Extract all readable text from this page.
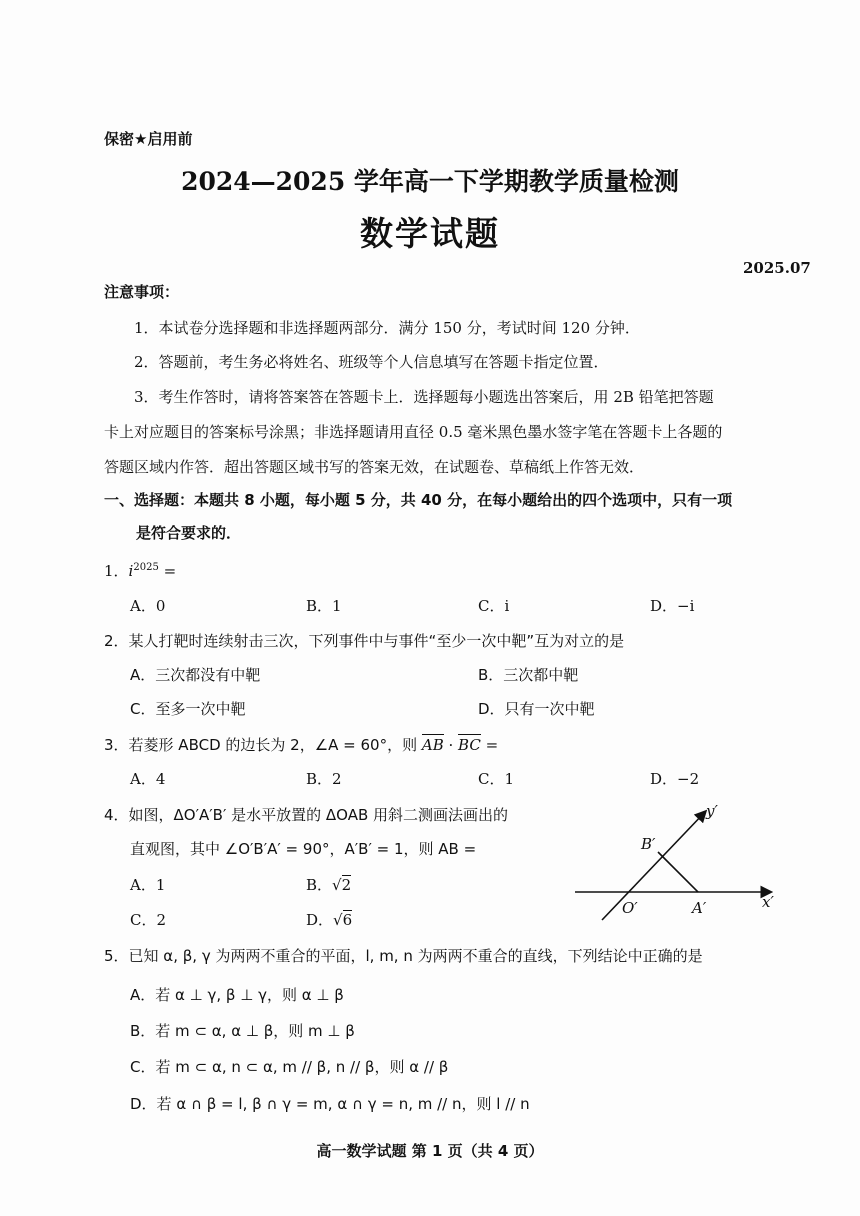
保密★启用前
2024—2025 学年高一下学期教学质量检测
数学试题
2025.07
注意事项：
1．本试卷分选择题和非选择题两部分．满分 150 分，考试时间 120 分钟．
2．答题前，考生务必将姓名、班级等个人信息填写在答题卡指定位置．
3．考生作答时，请将答案答在答题卡上．选择题每小题选出答案后，用 2B 铅笔把答题
卡上对应题目的答案标号涂黑；非选择题请用直径 0.5 毫米黑色墨水签字笔在答题卡上各题的
答题区域内作答．超出答题区域书写的答案无效，在试题卷、草稿纸上作答无效．
一、选择题：本题共 8 小题，每小题 5 分，共 40 分，在每小题给出的四个选项中，只有一项
是符合要求的．
1．$i^{2025}$ =
A．0	B．1	C．i	D．−i
2．某人打靶时连续射击三次，下列事件中与事件“至少一次中靶”互为对立的是
A．三次都没有中靶	B．三次都中靶
C．至多一次中靶	D．只有一次中靶
3．若菱形 ABCD 的边长为 2，∠A = 60°，则 AB · BC =
A．4	B．2	C．1	D．−2
4．如图，ΔO′A′B′ 是水平放置的 ΔOAB 用斜二测画法画出的
直观图，其中 ∠O′B′A′ = 90°，A′B′ = 1，则 AB =
A．1	B．√2
C．2	D．√6
y′
x′
B′
O′	A′
5．已知 α, β, γ 为两两不重合的平面，l, m, n 为两两不重合的直线，下列结论中正确的是
A．若 α ⊥ γ, β ⊥ γ，则 α ⊥ β
B．若 m ⊂ α, α ⊥ β，则 m ⊥ β
C．若 m ⊂ α, n ⊂ α, m // β, n // β，则 α // β
D．若 α ∩ β = l, β ∩ γ = m, α ∩ γ = n, m // n，则 l // n
高一数学试题 第 1 页（共 4 页）
